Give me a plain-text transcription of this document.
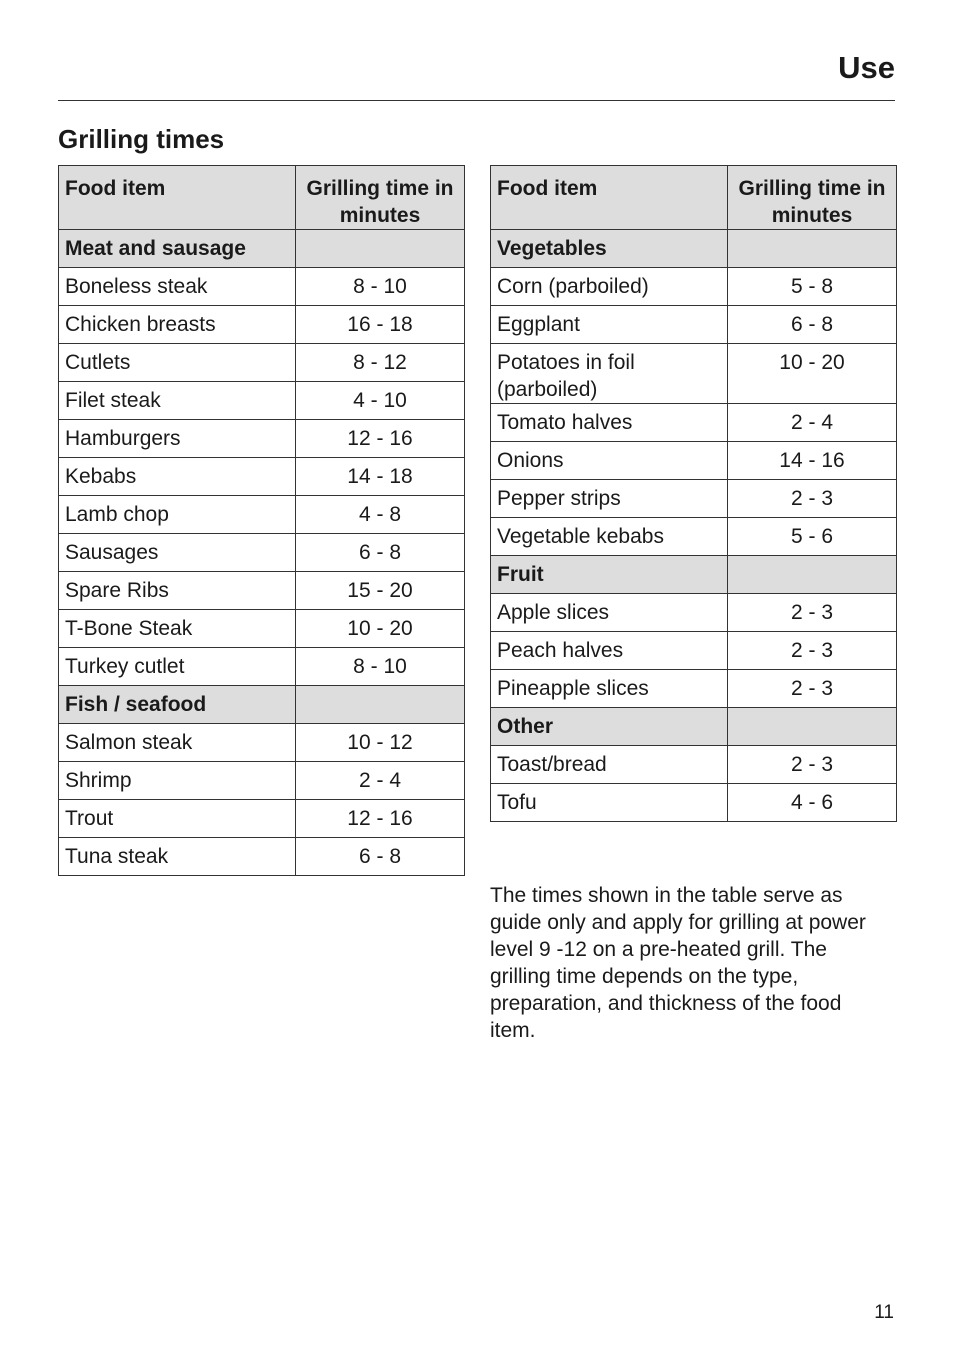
Use
Grilling times
Food item	Grilling time in minutes
Meat and sausage	
Boneless steak	8 - 10
Chicken breasts	16 - 18
Cutlets	8 - 12
Filet steak	4 - 10
Hamburgers	12 - 16
Kebabs	14 - 18
Lamb chop	4 - 8
Sausages	6 - 8
Spare Ribs	15 - 20
T-Bone Steak	10 - 20
Turkey cutlet	8 - 10
Fish / seafood	
Salmon steak	10 - 12
Shrimp	2 - 4
Trout	12 - 16
Tuna steak	6 - 8
Food item	Grilling time in minutes
Vegetables	
Corn (parboiled)	5 - 8
Eggplant	6 - 8
Potatoes in foil (parboiled)	10 - 20
Tomato halves	2 - 4
Onions	14 - 16
Pepper strips	2 - 3
Vegetable kebabs	5 - 6
Fruit	
Apple slices	2 - 3
Peach halves	2 - 3
Pineapple slices	2 - 3
Other	
Toast/bread	2 - 3
Tofu	4 - 6

The times shown in the table serve as guide only and apply for grilling at power level 9 -12 on a pre-heated grill. The grilling time depends on the type, preparation, and thickness of the food item.

11
